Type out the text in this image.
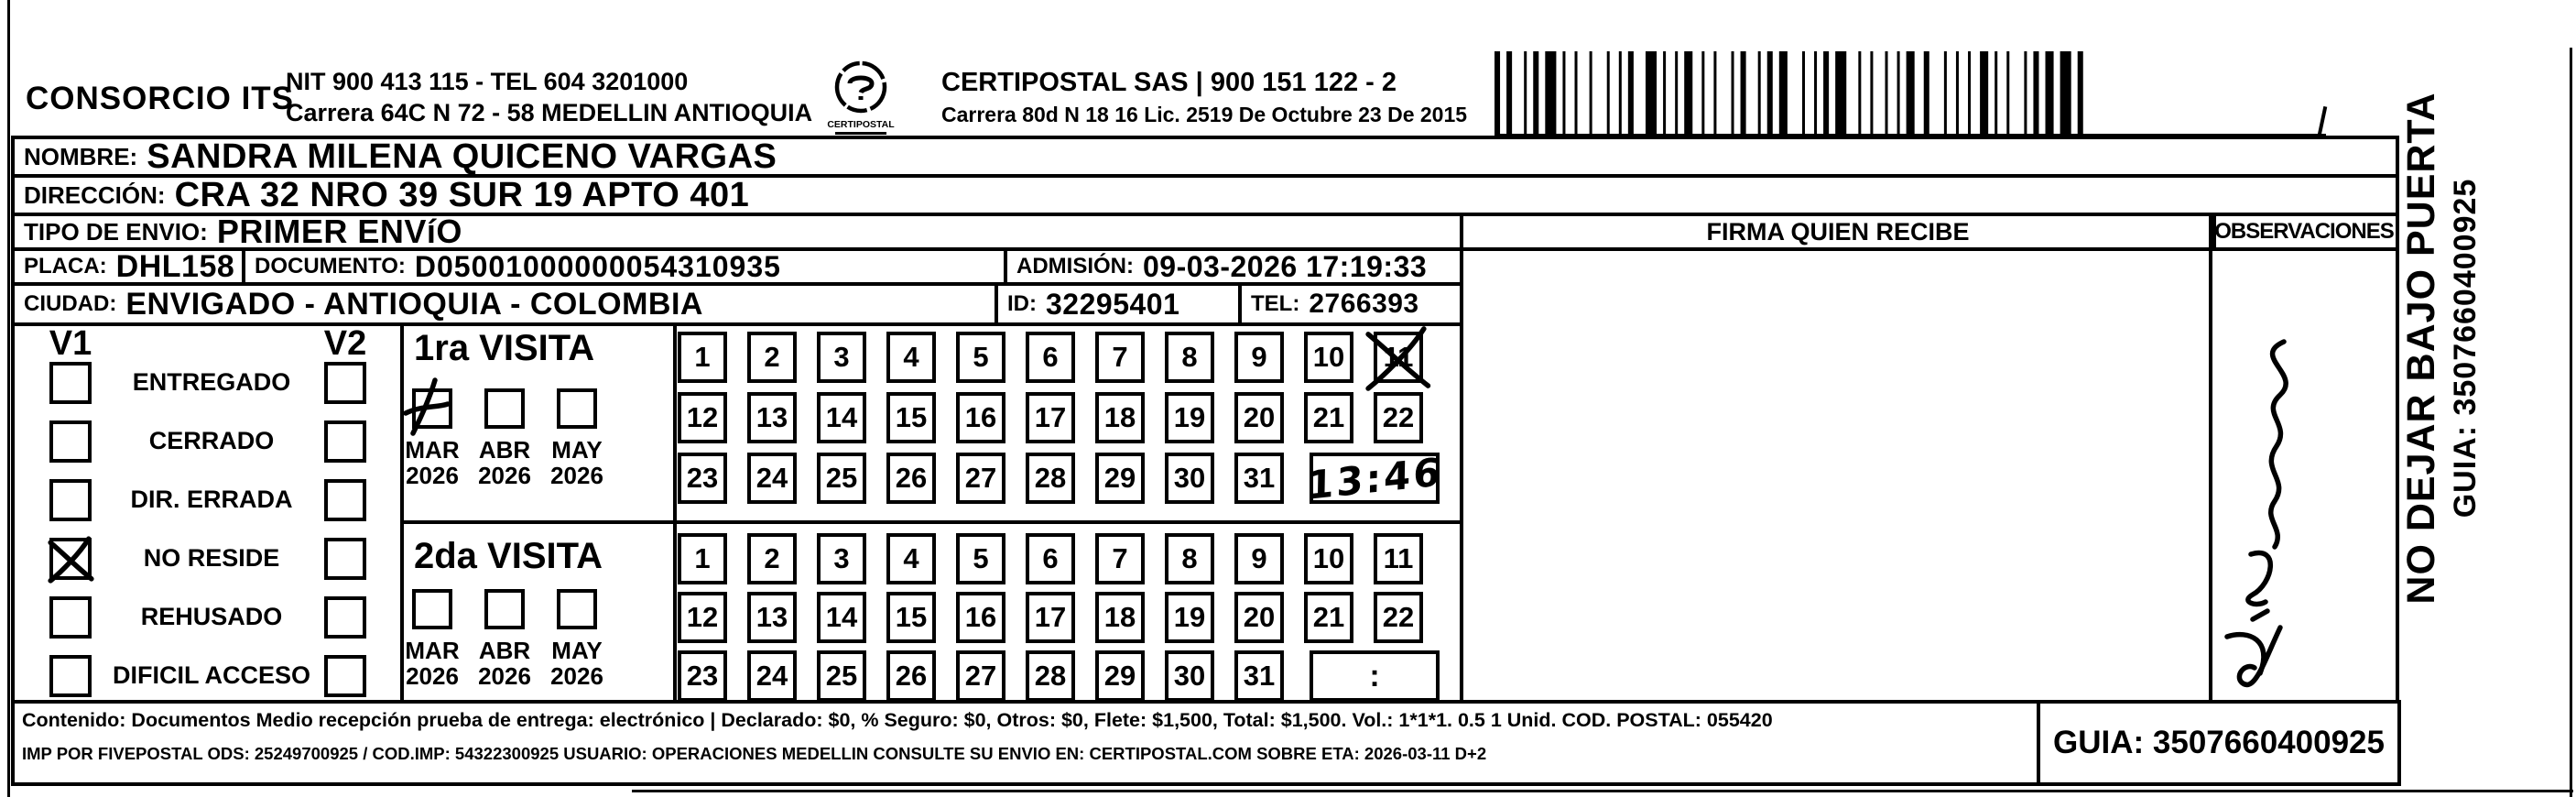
CONSORCIO ITS
NIT 900 413 115 - TEL 604 3201000
Carrera 64C N 72 - 58 MEDELLIN ANTIOQUIA CERTIPOSTAL
CERTIPOSTAL SAS | 900 151 122 - 2
Carrera 80d N 18 16 Lic. 2519 De Octubre 23 De 2015
NOMBRE: SANDRA MILENA QUICENO VARGAS
DIRECCIÓN: CRA 32 NRO 39 SUR 19 APTO 401
TIPO DE ENVIO: PRIMER ENVíO
PLACA: DHL158 DOCUMENTO: D05001000000054310935	ADMISIÓN: 09-03-2026 17:19:33
CIUDAD: ENVIGADO - ANTIOQUIA - COLOMBIA	ID: 32295401	TEL: 2766393
V1	V2
ENTREGADO
CERRADO
DIR. ERRADA
NO RESIDE
REHUSADO
DIFICIL ACCESO
1ra VISITA
MAR
2026
ABR
2026
MAY
2026
1 2 3 4 5 6 7 8 9 10 11
12 13 14 15 16 17 18 19 20 21 22
23 24 25 26 27 28 29 30 31 13:46
2da VISITA
MAR
2026
ABR
2026
MAY
2026
1 2 3 4 5 6 7 8 9 10 11
12 13 14 15 16 17 18 19 20 21 22
23 24 25 26 27 28 29 30 31	:
FIRMA QUIEN RECIBE	OBSERVACIONES
Contenido: Documentos Medio recepción prueba de entrega: electrónico | Declarado: $0, % Seguro: $0, Otros: $0, Flete: $1,500, Total: $1,500. Vol.: 1*1*1. 0.5 1 Unid. COD. POSTAL: 055420
IMP POR FIVEPOSTAL ODS: 25249700925 / COD.IMP: 54322300925 USUARIO: OPERACIONES MEDELLIN CONSULTE SU ENVIO EN: CERTIPOSTAL.COM SOBRE ETA: 2026-03-11 D+2	GUIA: 3507660400925
NO DEJAR BAJO PUERTA GUIA: 3507660400925
